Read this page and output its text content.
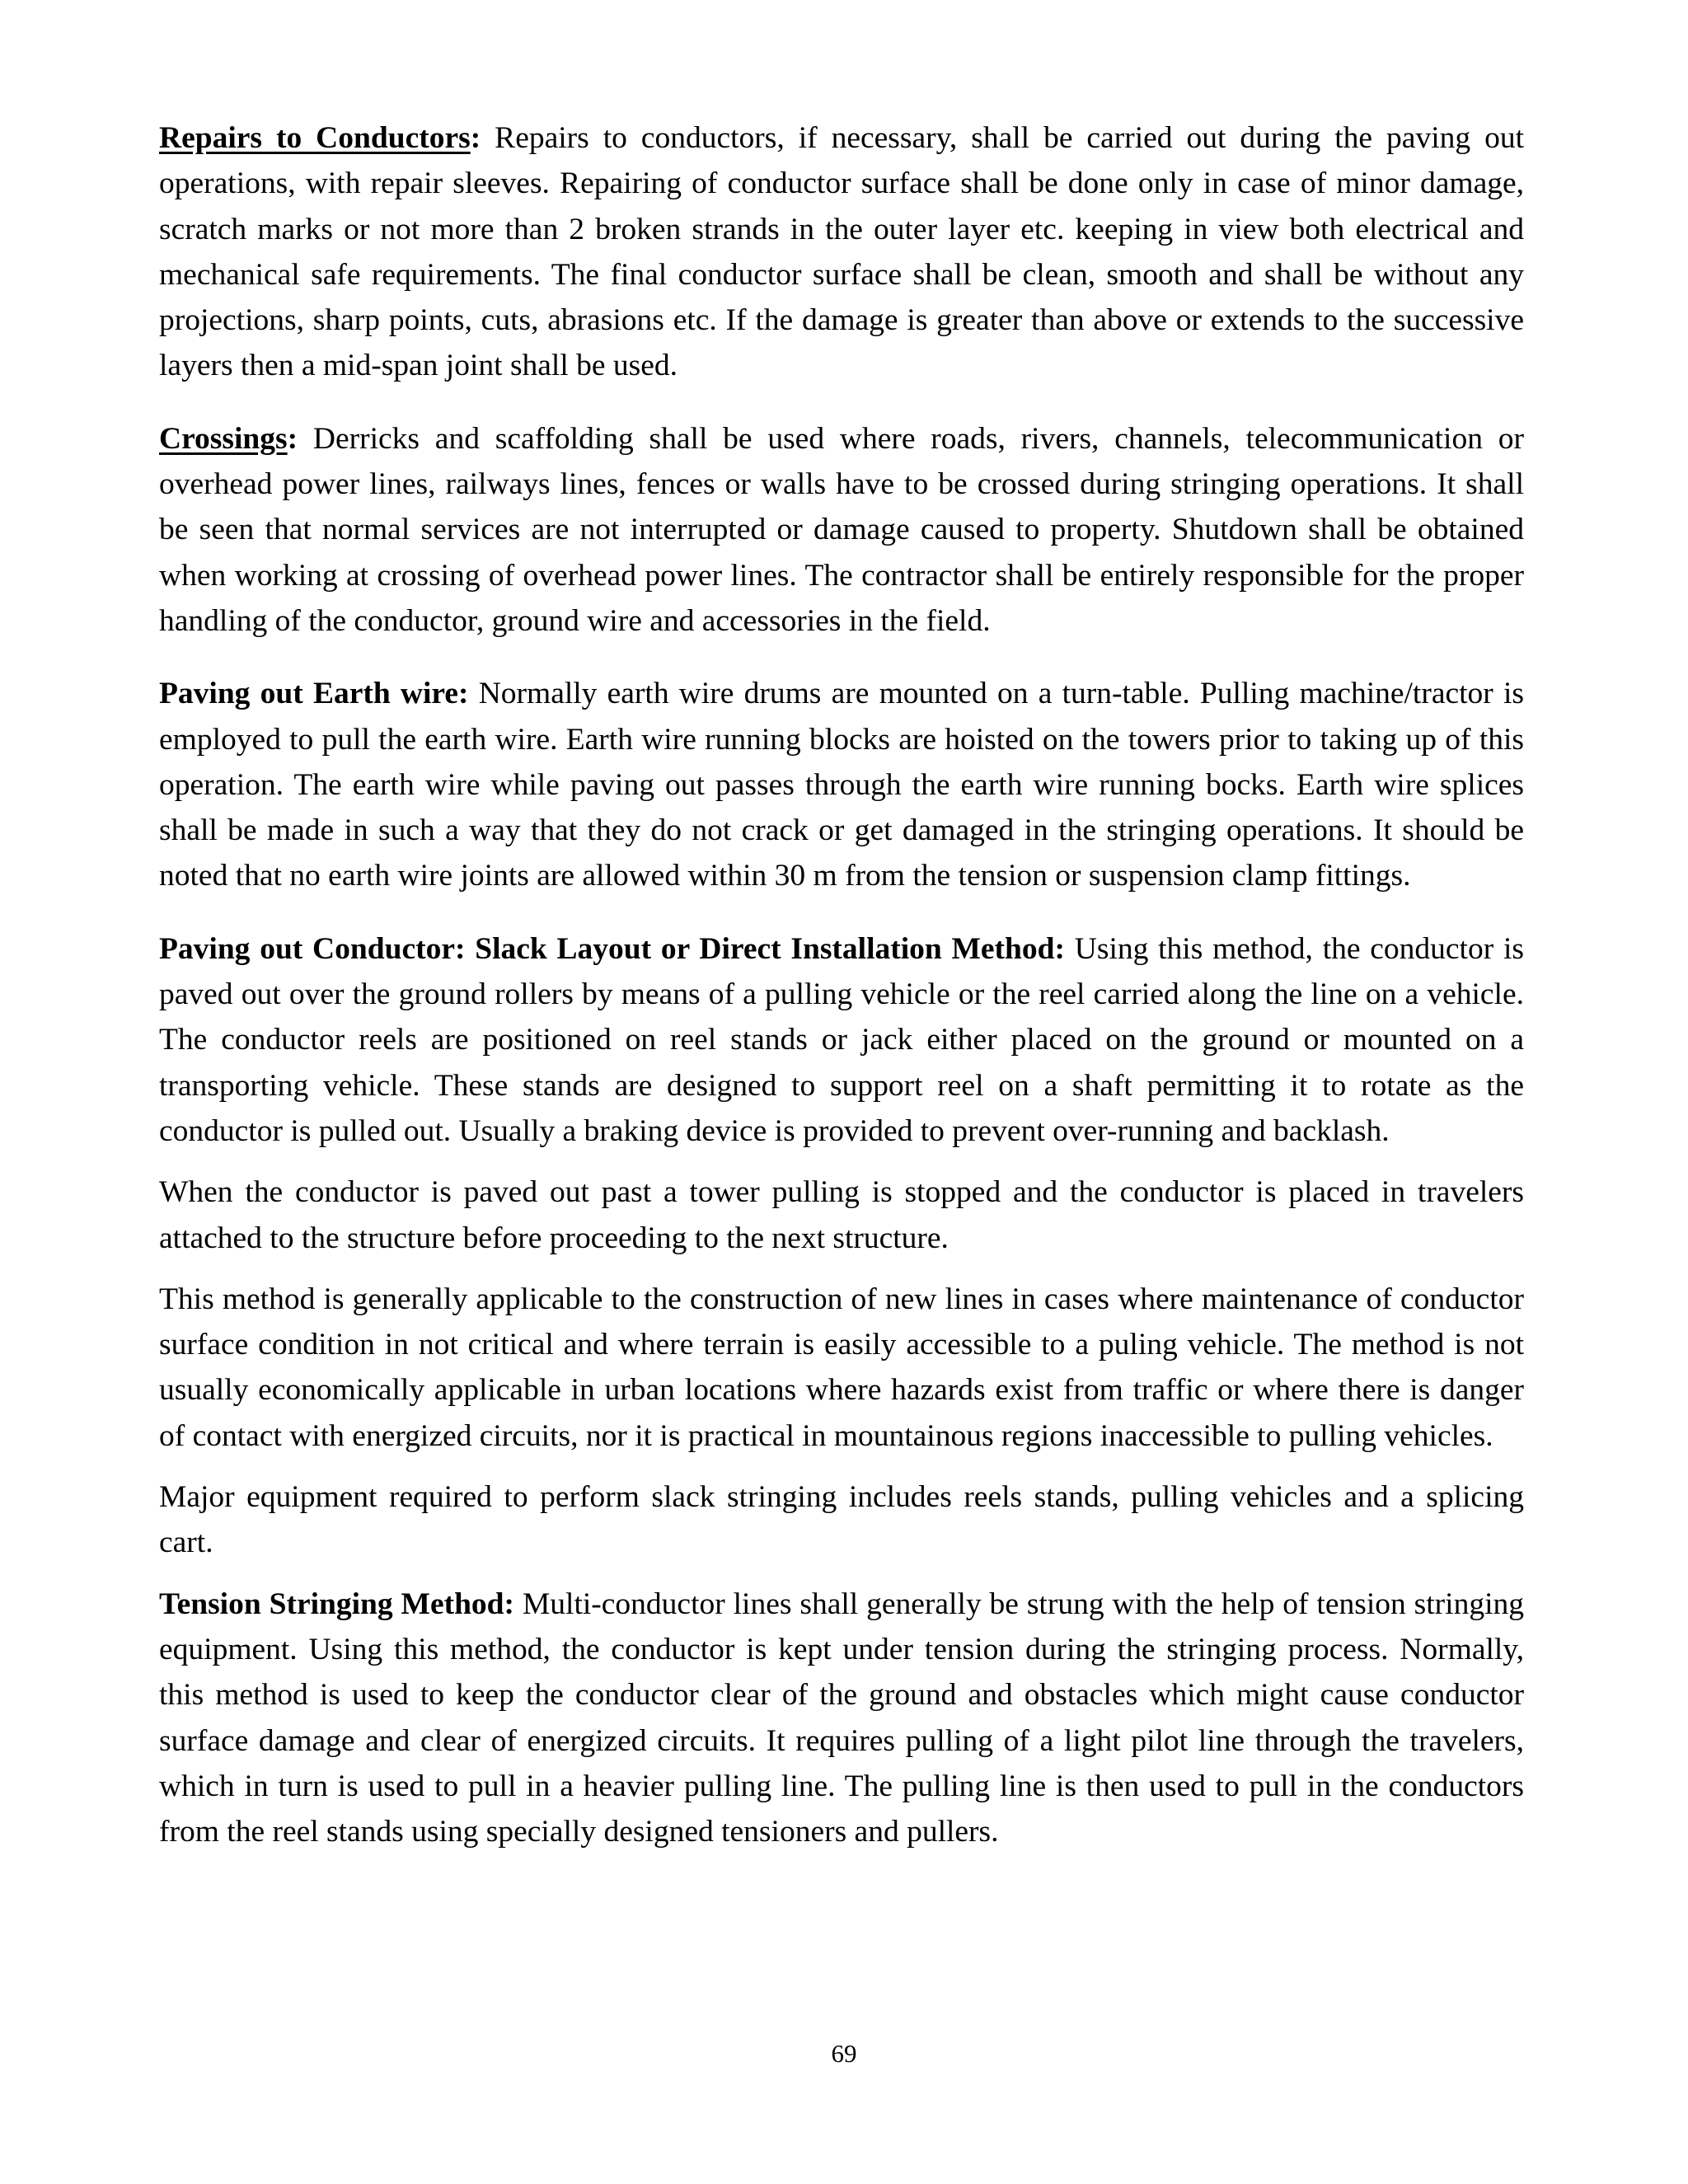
Repairs to Conductors: Repairs to conductors, if necessary, shall be carried out during the paving out operations, with repair sleeves. Repairing of conductor surface shall be done only in case of minor damage, scratch marks or not more than 2 broken strands in the outer layer etc. keeping in view both electrical and mechanical safe requirements. The final conductor surface shall be clean, smooth and shall be without any projections, sharp points, cuts, abrasions etc. If the damage is greater than above or extends to the successive layers then a mid-span joint shall be used.

Crossings: Derricks and scaffolding shall be used where roads, rivers, channels, telecommunication or overhead power lines, railways lines, fences or walls have to be crossed during stringing operations. It shall be seen that normal services are not interrupted or damage caused to property. Shutdown shall be obtained when working at crossing of overhead power lines. The contractor shall be entirely responsible for the proper handling of the conductor, ground wire and accessories in the field.

Paving out Earth wire: Normally earth wire drums are mounted on a turn-table. Pulling machine/tractor is employed to pull the earth wire. Earth wire running blocks are hoisted on the towers prior to taking up of this operation. The earth wire while paving out passes through the earth wire running bocks. Earth wire splices shall be made in such a way that they do not crack or get damaged in the stringing operations. It should be noted that no earth wire joints are allowed within 30 m from the tension or suspension clamp fittings.

Paving out Conductor: Slack Layout or Direct Installation Method: Using this method, the conductor is paved out over the ground rollers by means of a pulling vehicle or the reel carried along the line on a vehicle. The conductor reels are positioned on reel stands or jack either placed on the ground or mounted on a transporting vehicle. These stands are designed to support reel on a shaft permitting it to rotate as the conductor is pulled out. Usually a braking device is provided to prevent over-running and backlash.

When the conductor is paved out past a tower pulling is stopped and the conductor is placed in travelers attached to the structure before proceeding to the next structure.

This method is generally applicable to the construction of new lines in cases where maintenance of conductor surface condition in not critical and where terrain is easily accessible to a puling vehicle. The method is not usually economically applicable in urban locations where hazards exist from traffic or where there is danger of contact with energized circuits, nor it is practical in mountainous regions inaccessible to pulling vehicles.

Major equipment required to perform slack stringing includes reels stands, pulling vehicles and a splicing cart.

Tension Stringing Method: Multi-conductor lines shall generally be strung with the help of tension stringing equipment. Using this method, the conductor is kept under tension during the stringing process. Normally, this method is used to keep the conductor clear of the ground and obstacles which might cause conductor surface damage and clear of energized circuits. It requires pulling of a light pilot line through the travelers, which in turn is used to pull in a heavier pulling line. The pulling line is then used to pull in the conductors from the reel stands using specially designed tensioners and pullers.

69
